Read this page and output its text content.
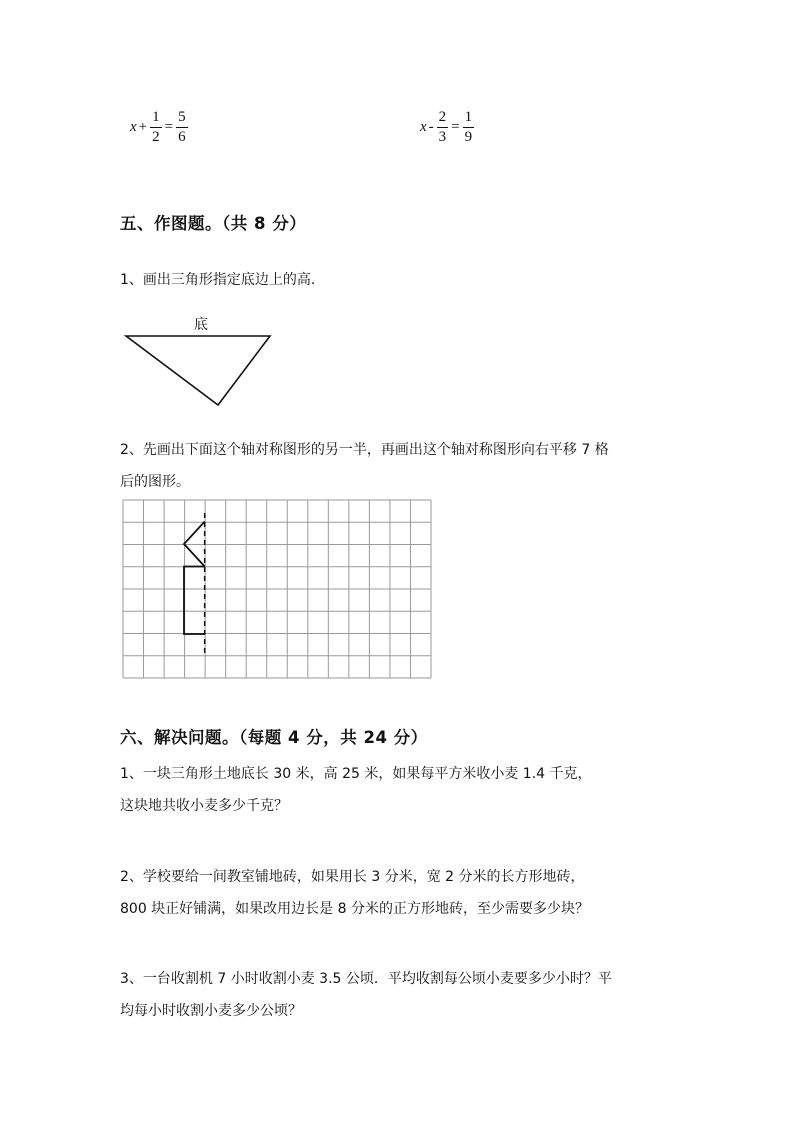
$x + \frac{1}{2} = \frac{5}{6}$	$x - \frac{2}{3} = \frac{1}{9}$
五、作图题。（共 8 分）
1、画出三角形指定底边上的高.
底
2、先画出下面这个轴对称图形的另一半，再画出这个轴对称图形向右平移 7 格
后的图形。
六、解决问题。（每题 4 分，共 24 分）
1、一块三角形土地底长 30 米，高 25 米，如果每平方米收小麦 1.4 千克，
这块地共收小麦多少千克？
2、学校要给一间教室铺地砖，如果用长 3 分米，宽 2 分米的长方形地砖，
800 块正好铺满，如果改用边长是 8 分米的正方形地砖，至少需要多少块？
3、一台收割机 7 小时收割小麦 3.5 公顷．平均收割每公顷小麦要多少小时？平
均每小时收割小麦多少公顷？
